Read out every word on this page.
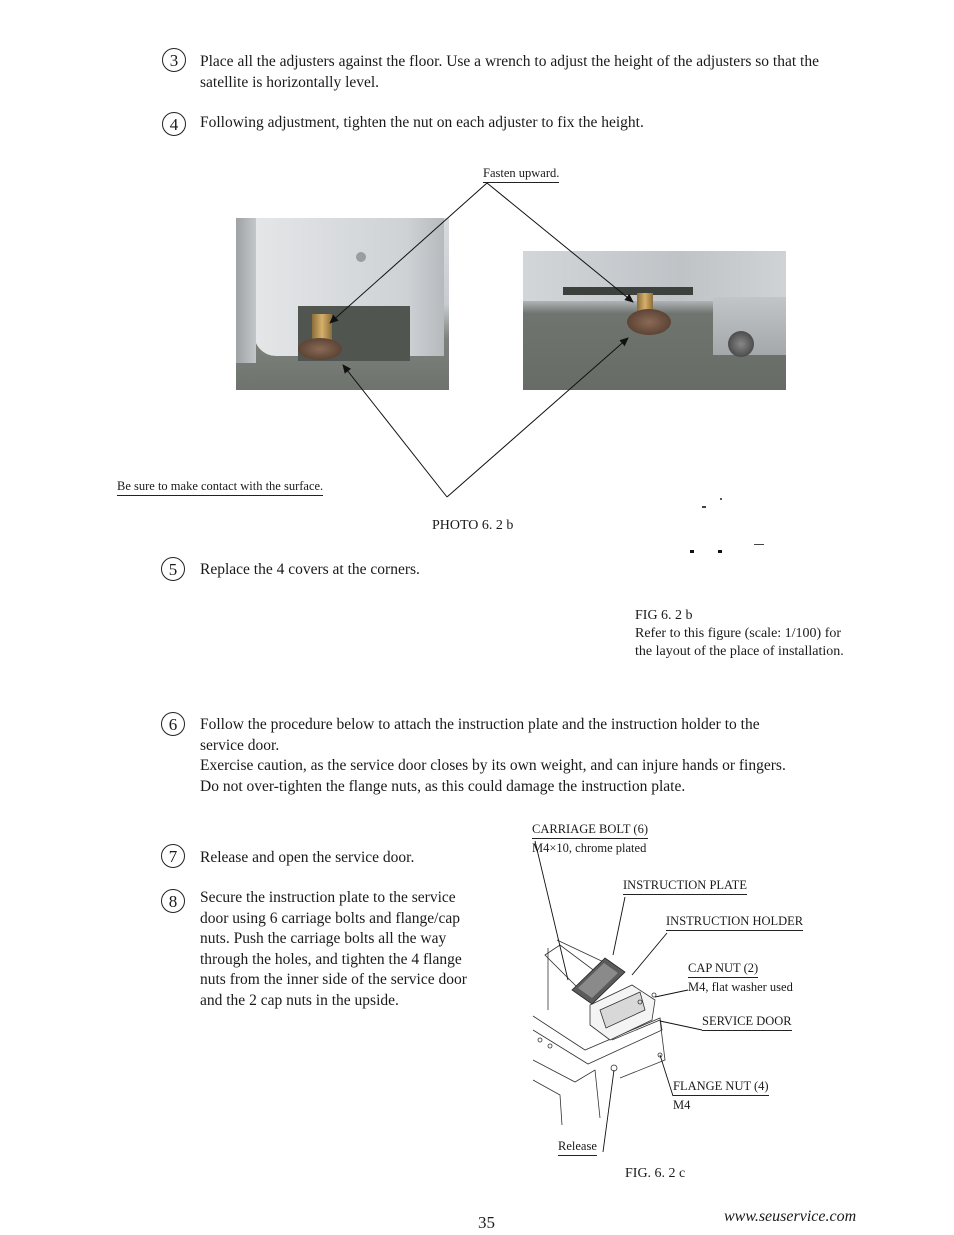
3	Place all the adjusters against the floor. Use a wrench to adjust the height of the adjusters so that the satellite is horizontally level.
4	Following adjustment, tighten the nut on each adjuster to fix the height.
Fasten upward.
Be sure to make contact with the surface.
PHOTO 6. 2 b
5	Replace the 4 covers at the corners.
FIG 6. 2 b
Refer to this figure (scale: 1/100) for
the layout of the place of installation.
6	Follow the procedure below to attach the instruction plate and the instruction holder to the
service door.
Exercise caution, as the service door closes by its own weight, and can injure hands or fingers.
Do not over-tighten the flange nuts, as this could damage the instruction plate.
7	Release and open the service door.
8	Secure the instruction plate to the service
door using 6 carriage bolts and flange/cap
nuts. Push the carriage bolts all the way
through the holes, and tighten the 4 flange
nuts from the inner side of the service door
and the 2 cap nuts in the upside.
CARRIAGE BOLT (6)
M4×10, chrome plated
INSTRUCTION PLATE
INSTRUCTION HOLDER
CAP NUT (2)
M4, flat washer used
SERVICE DOOR
FLANGE NUT (4)
M4
Release
FIG. 6. 2 c
35	www.seuservice.com
